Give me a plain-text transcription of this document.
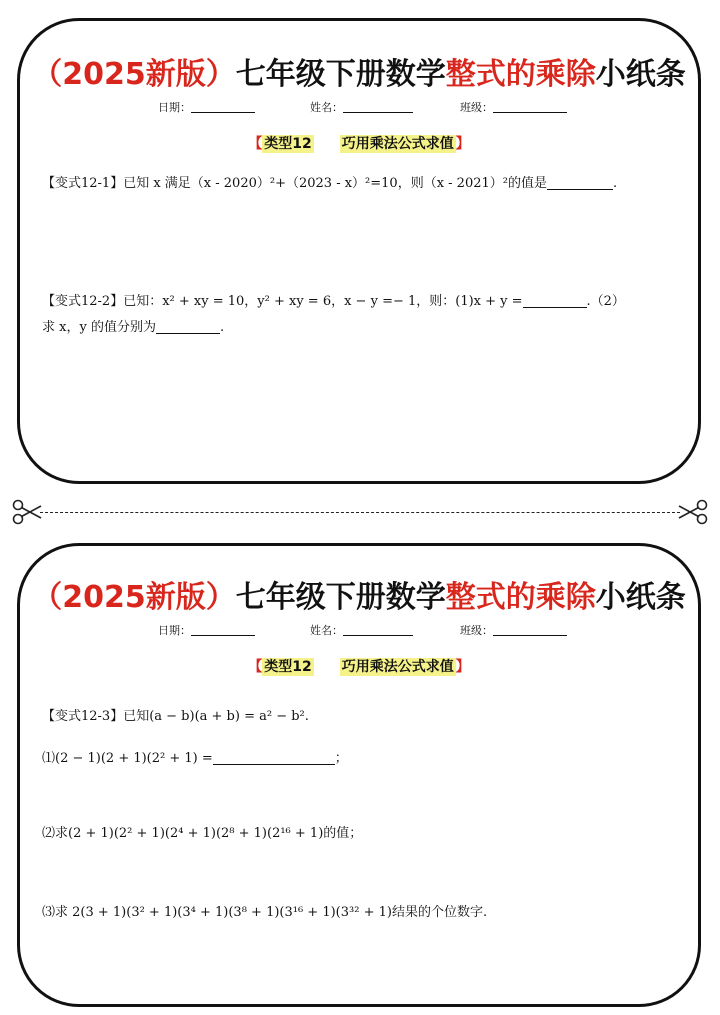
（2025新版）七年级下册数学整式的乘除小纸条
日期：	姓名：	班级：
【 类型12 巧用乘法公式求值 】
【变式12-1】已知 x 满足（x - 2020）²+（2023 - x）²=10，则（x - 2021）²的值是	.
【变式12-2】已知：x² + xy = 10，y² + xy = 6，x − y =− 1，则：(1)x + y =	.（2）
求 x，y 的值分别为	.
（2025新版）七年级下册数学整式的乘除小纸条
日期：	姓名：	班级：
【 类型12 巧用乘法公式求值 】
【变式12-3】已知(a − b)(a + b) = a² − b².
⑴(2 − 1)(2 + 1)(2² + 1) =	；
⑵求(2 + 1)(2² + 1)(2⁴ + 1)(2⁸ + 1)(2¹⁶ + 1)的值；
⑶求 2(3 + 1)(3² + 1)(3⁴ + 1)(3⁸ + 1)(3¹⁶ + 1)(3³² + 1)结果的个位数字.
